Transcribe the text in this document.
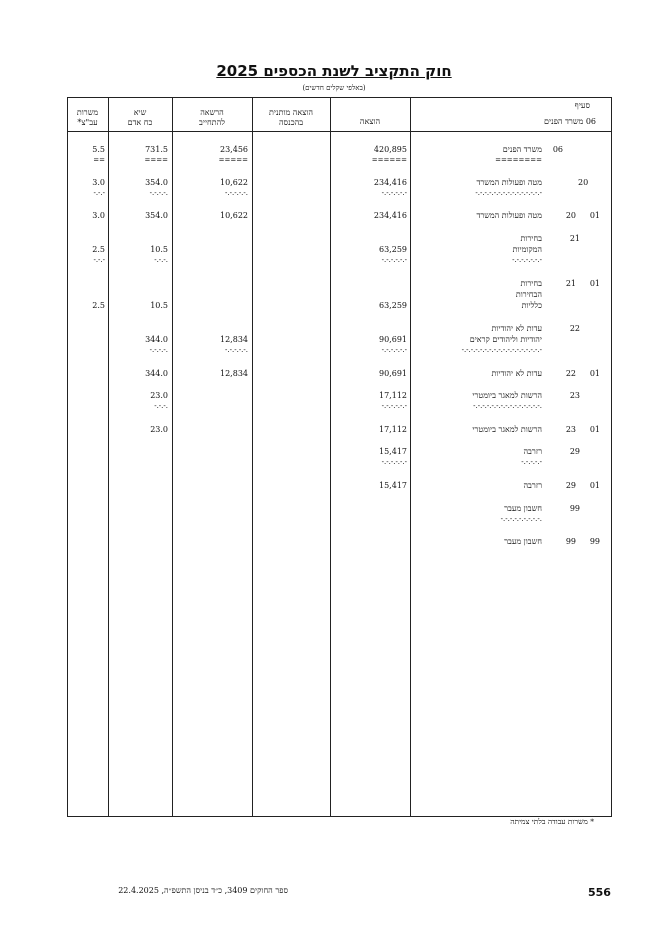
חוק התקציב לשנת הכספים 2025
(באלפי שקלים חדשים)
סעיף
06 משרד הפנים
הוצאה
הוצאה מותנית
בהכנסה
הרשאה
להתחייב
שיא
כח אדם
משרות
עב"צ*
06
משרד הפנים
========
420,895
======
23,456
=====
731.5
====
5.5
==
20
מטה ופעולות המשרד
-.-.-.-.-.-.-.-.-.-.-.-.-.-.-
234,416
-.-.-.-.-.-
10,622
-.-.-.-.-.
354.0
-.-.-.-.
3.0
-.-.-
01
20
מטה ופעולות המשרד
234,416
10,622
354.0
3.0
21
בחירות
המקומיות
-.-.-.-.-.-.-
63,259
-.-.-.-.-.-
10.5
-.-.-.
2.5
-.-.-
01
21
בחירות
הבחירות
כלליות
63,259
10.5
2.5
22
עדות לא יהודיות
יהודיות וליהודים קראים
-.-.-.-.-.-.-.-.-.-.-.-.-.-.-.-.-.-
90,691
-.-.-.-.-.-
12,834
-.-.-.-.-.
344.0
-.-.-.-.
01
22
עדות לא יהודיות
90,691
12,834
344.0
23
הרשות למאגר ביומטרי
-.-.-.-.-.-.-.-.-.-.-.-.-.-.-.
17,112
-.-.-.-.-.-
23.0
-.-.-.
01
23
הרשות למאגר ביומטרי
17,112
23.0
29
רזרבה
-.-.-.-.-
15,417
-.-.-.-.-.-
01
29
רזרבה
15,417
99
חשבון מעבר
-.-.-.-.-.-.-.-.-.
99
99
חשבון מעבר
* משרות עבודה בלתי צמיתה
556
ספר החוקים 3409, כ״ד בניסן התשפ״ה, 22.4.2025
